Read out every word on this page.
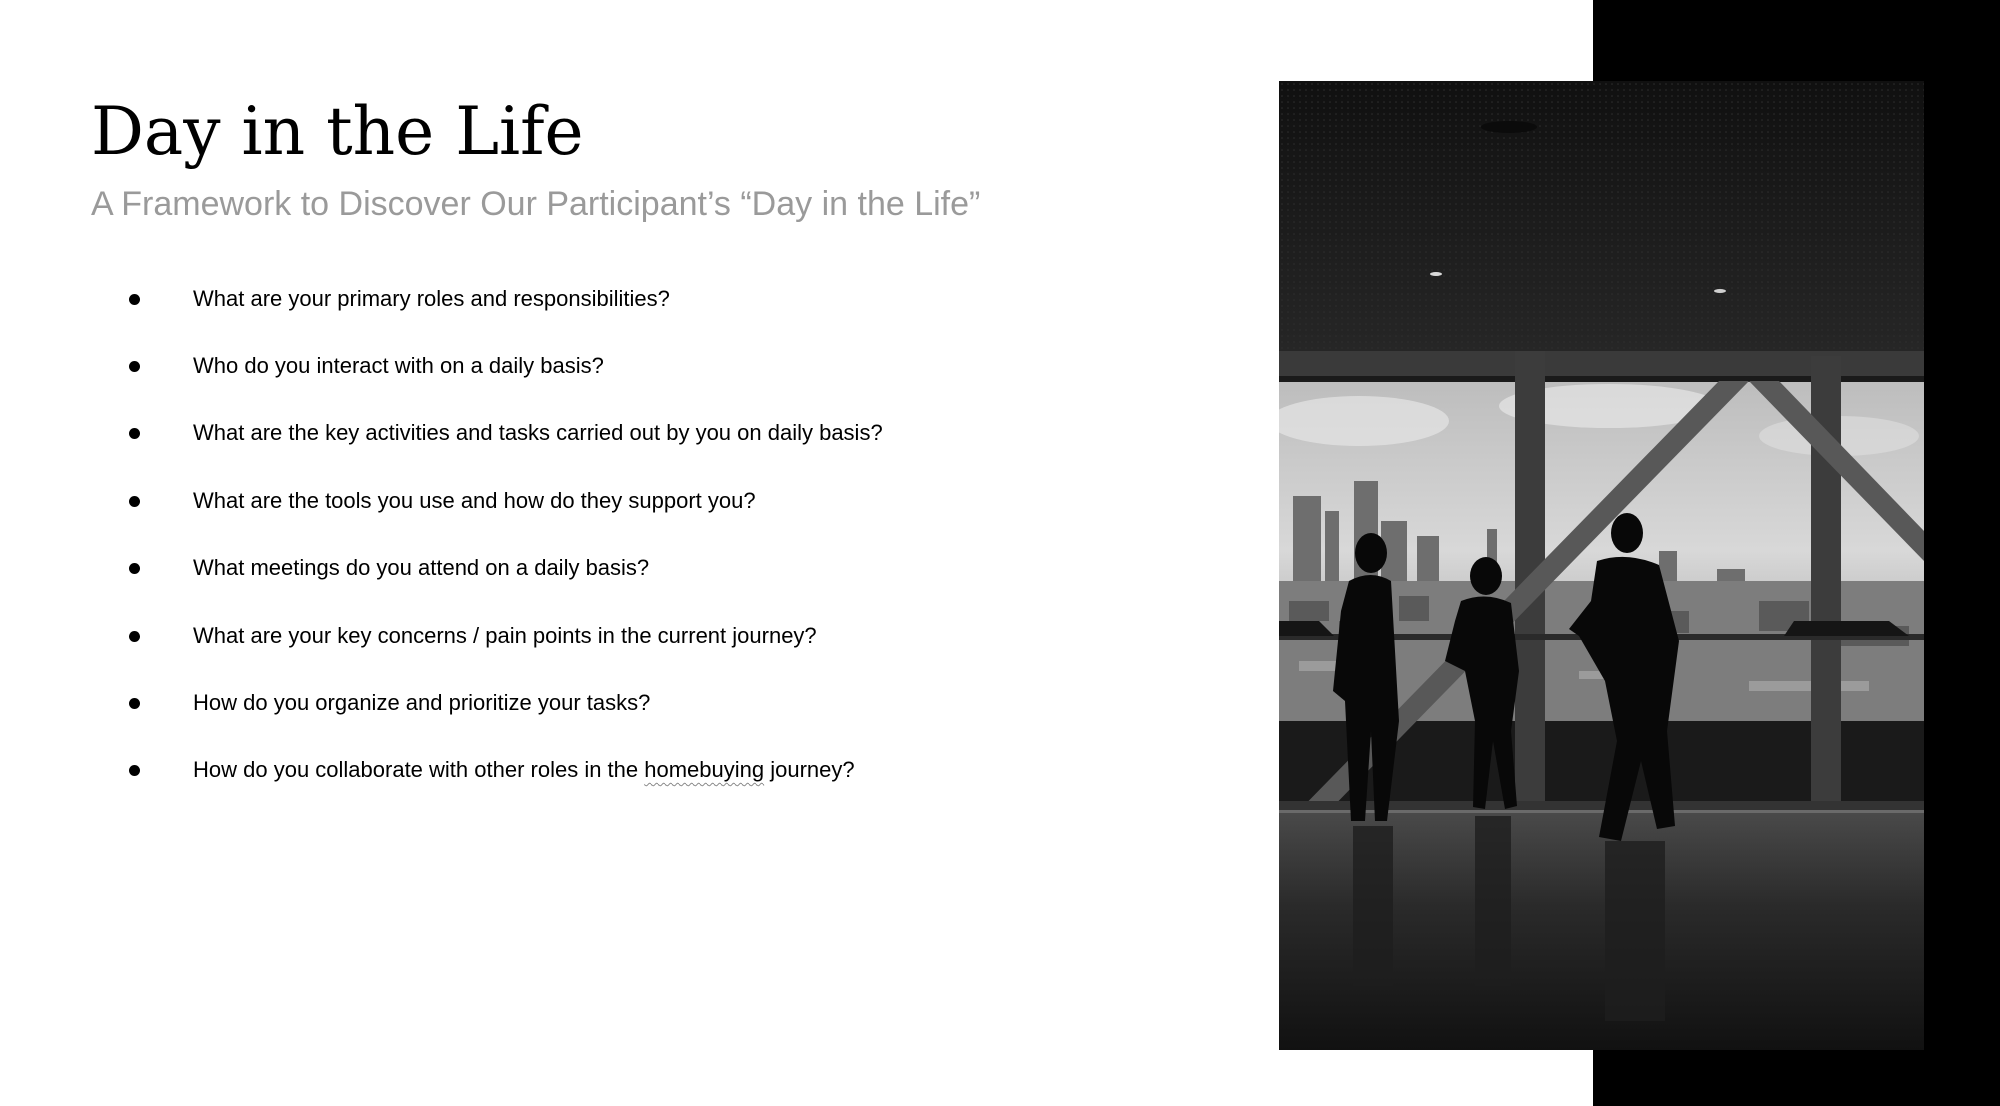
Day in the Life

A Framework to Discover Our Participant’s “Day in the Life”

What are your primary roles and responsibilities?
Who do you interact with on a daily basis?
What are the key activities and tasks carried out by you on daily basis?
What are the tools you use and how do they support you?
What meetings do you attend on a daily basis?
What are your key concerns / pain points in the current journey?
How do you organize and prioritize your tasks?
How do you collaborate with other roles in the homebuying journey?
